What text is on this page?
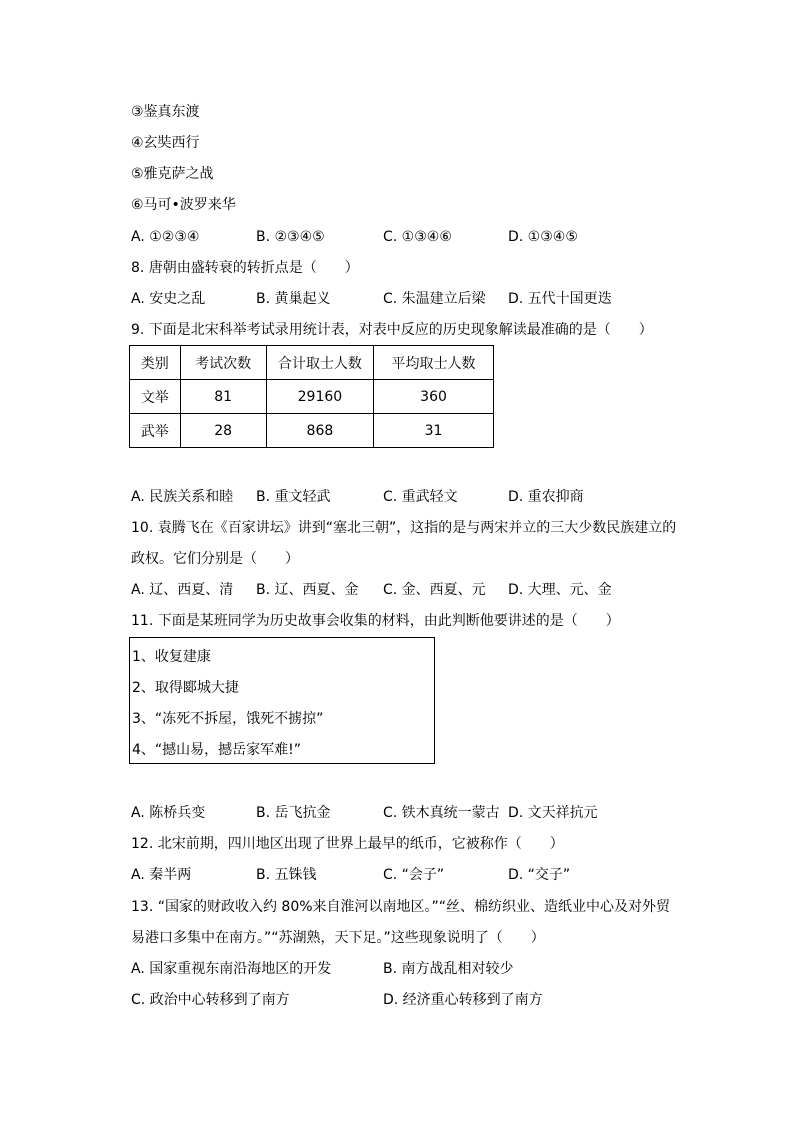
③鉴真东渡
④玄奘西行
⑤雅克萨之战
⑥马可•波罗来华
A. ①②③④	B. ②③④⑤	C. ①③④⑥	D. ①③④⑤
8. 唐朝由盛转衰的转折点是（　　）
A. 安史之乱	B. 黄巢起义	C. 朱温建立后梁 D. 五代十国更迭
9. 下面是北宋科举考试录用统计表，对表中反应的历史现象解读最准确的是（　　）
类别	考试次数	合计取士人数	平均取士人数
文举	81	29160	360
武举	28	868	31
A. 民族关系和睦 B. 重文轻武	C. 重武轻文	D. 重农抑商
10. 袁腾飞在《百家讲坛》讲到“塞北三朝”，这指的是与两宋并立的三大少数民族建立的
政权。它们分别是（　　）
A. 辽、西夏、清 B. 辽、西夏、金 C. 金、西夏、元 D. 大理、元、金
11. 下面是某班同学为历史故事会收集的材料，由此判断他要讲述的是（　　）
1、收复建康
2、取得郾城大捷
3、“冻死不拆屋，饿死不掳掠”
4、“撼山易，撼岳家军难!”
A. 陈桥兵变	B. 岳飞抗金	C. 铁木真统一蒙古 D. 文天祥抗元
12. 北宋前期，四川地区出现了世界上最早的纸币，它被称作（　　）
A. 秦半两	B. 五铢钱	C. “会子”	D. “交子”
13. “国家的财政收入约 80%来自淮河以南地区。”“丝、棉纺织业、造纸业中心及对外贸
易港口多集中在南方。”“苏湖熟，天下足。”这些现象说明了（　　）
A. 国家重视东南沿海地区的开发	B. 南方战乱相对较少
C. 政治中心转移到了南方	D. 经济重心转移到了南方
